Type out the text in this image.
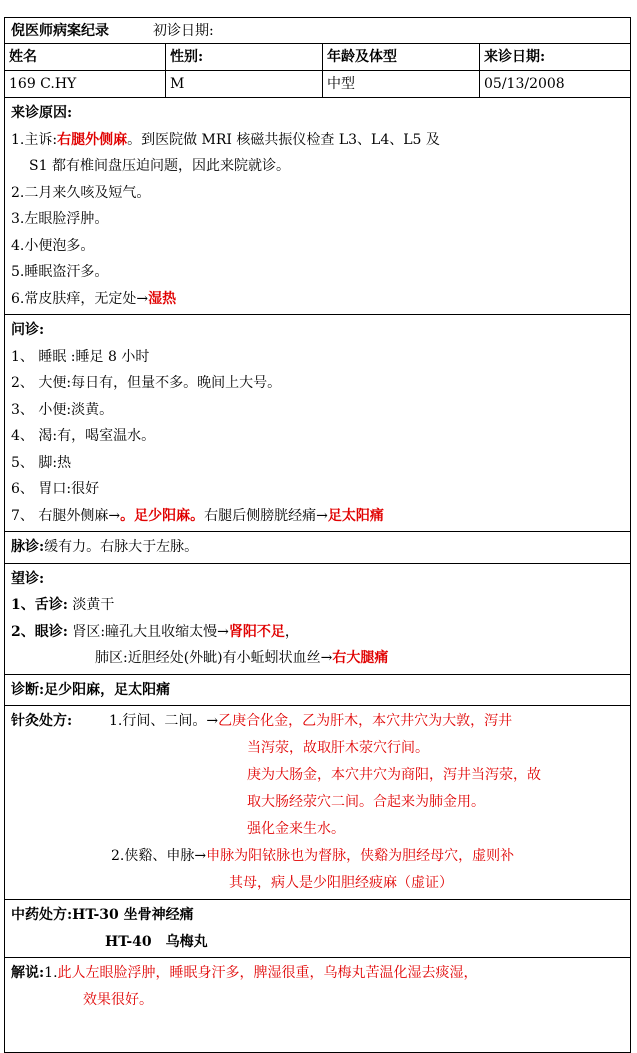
倪医师病案纪录	初诊日期:
姓名	性别:	年龄及体型	来诊日期:
169 C.HY	M	中型	05/13/2008
来诊原因:
1.主诉:右腿外侧麻。到医院做 MRI 核磁共振仪检查 L3、L4、L5 及
S1 都有椎间盘压迫问题，因此来院就诊。
2.二月来久咳及短气。
3.左眼脸浮肿。
4.小便泡多。
5.睡眠盗汗多。
6.常皮肤痒，无定处→湿热
问诊:
1、 睡眠 :睡足 8 小时
2、 大便:每日有，但量不多。晚间上大号。
3、 小便:淡黄。
4、 渴:有，喝室温水。
5、 脚:热
6、 胃口:很好
7、 右腿外侧麻→。足少阳麻。右腿后侧膀胱经痛→足太阳痛
脉诊:缓有力。右脉大于左脉。
望诊:
1、舌诊: 淡黄干
2、眼诊: 肾区:瞳孔大且收缩太慢→肾阳不足，
肺区:近胆经处(外眦)有小蚯蚓状血丝→右大腿痛
诊断:足少阳麻，足太阳痛
针灸处方:	1.行间、二间。→乙庚合化金，乙为肝木，本穴井穴为大敦，泻井
当泻荥，故取肝木荥穴行间。
庚为大肠金，本穴井穴为商阳，泻井当泻荥，故
取大肠经荥穴二间。合起来为肺金用。
强化金来生水。
2.侠谿、申脉→申脉为阳铱脉也为督脉，侠谿为胆经母穴，虚则补
其母，病人是少阳胆经疲麻（虚证）
中药处方:HT-30 坐骨神经痛
HT-40　乌梅丸
解说:1.此人左眼脸浮肿，睡眠身汗多，脾湿很重，乌梅丸苦温化湿去痰湿，
效果很好。
